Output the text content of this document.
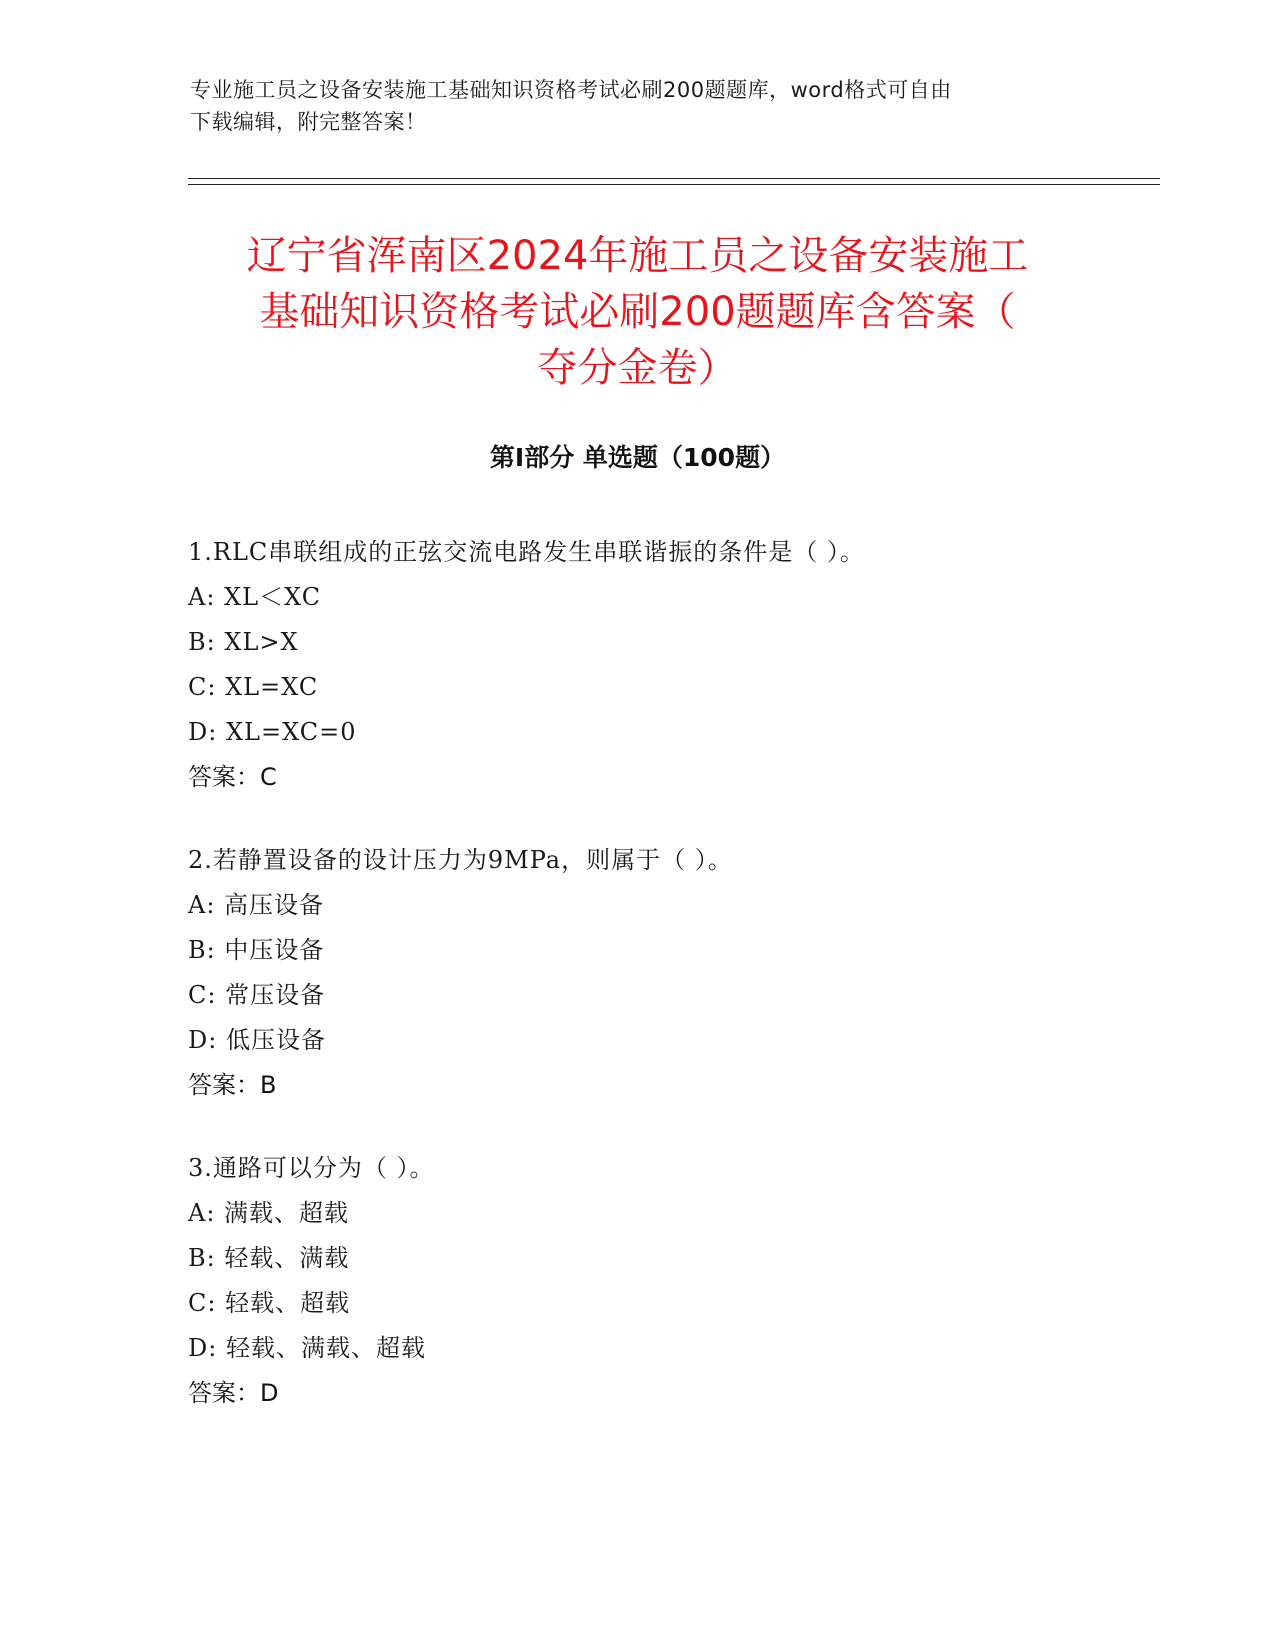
专业施工员之设备安装施工基础知识资格考试必刷200题题库，word格式可自由
下载编辑，附完整答案！
辽宁省浑南区2024年施工员之设备安装施工
基础知识资格考试必刷200题题库含答案（
夺分金卷）
第Ⅰ部分 单选题（100题）
1.RLC串联组成的正弦交流电路发生串联谐振的条件是（ ）。
A: XL＜XC
B: XL>X
C: XL=XC
D: XL=XC=0
答案：C
2.若静置设备的设计压力为9MPa，则属于（ ）。
A: 高压设备
B: 中压设备
C: 常压设备
D: 低压设备
答案：B
3.通路可以分为（ ）。
A: 满载、超载
B: 轻载、满载
C: 轻载、超载
D: 轻载、满载、超载
答案：D
